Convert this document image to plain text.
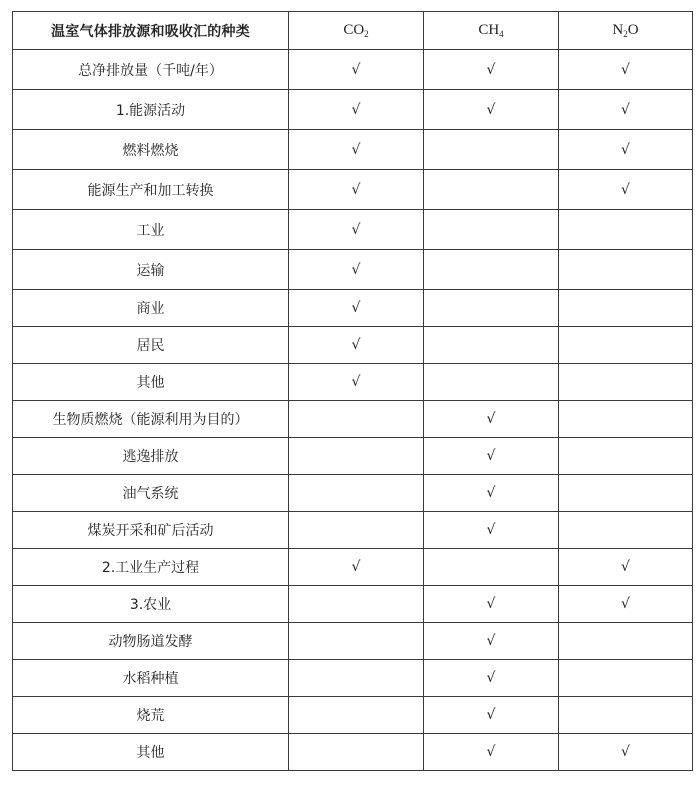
温室气体排放源和吸收汇的种类	$CO_2$	$CH_4$	$N_2O$
总净排放量（千吨/年）	√	√	√
1.能源活动	√	√	√
燃料燃烧	√		√
能源生产和加工转换	√		√
工业	√		
运输	√		
商业	√		
居民	√		
其他	√		
生物质燃烧（能源利用为目的）		√	
逃逸排放		√	
油气系统		√	
煤炭开采和矿后活动		√	
2.工业生产过程	√		√
3.农业		√	√
动物肠道发酵		√	
水稻种植		√	
烧荒		√	
其他		√	√
